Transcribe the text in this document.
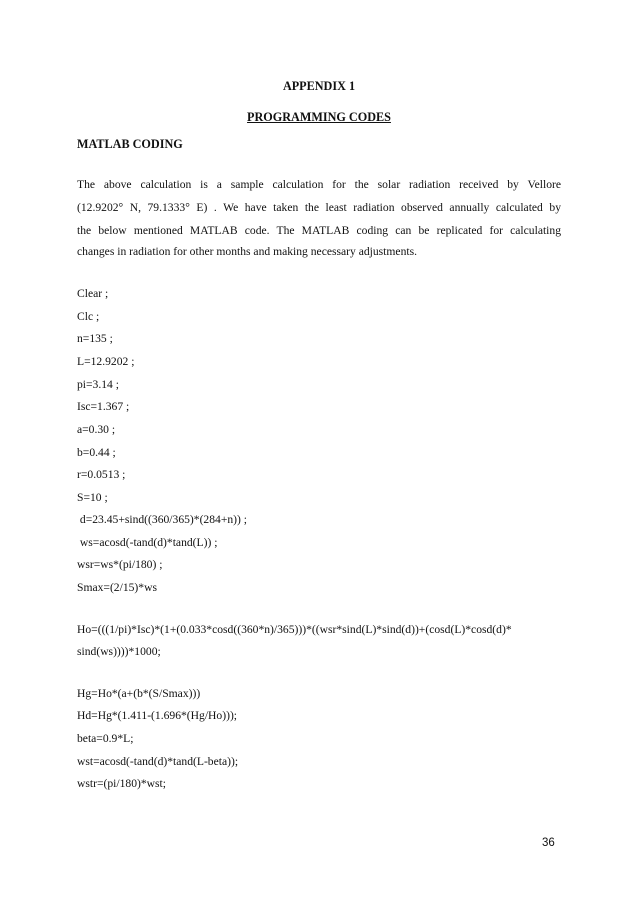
APPENDIX 1
PROGRAMMING CODES
MATLAB CODING
The above calculation is a sample calculation for the solar radiation received by Vellore
(12.9202° N, 79.1333° E) . We have taken the least radiation observed annually calculated by
the below mentioned MATLAB code. The MATLAB coding can be replicated for calculating
changes in radiation for other months and making necessary adjustments.
Clear ;
Clc ;
n=135 ;
L=12.9202 ;
pi=3.14 ;
Isc=1.367 ;
a=0.30 ;
b=0.44 ;
r=0.0513 ;
S=10 ;
d=23.45+sind((360/365)*(284+n)) ;
ws=acosd(-tand(d)*tand(L)) ;
wsr=ws*(pi/180) ;
Smax=(2/15)*ws
Ho=(((1/pi)*Isc)*(1+(0.033*cosd((360*n)/365)))*((wsr*sind(L)*sind(d))+(cosd(L)*cosd(d)*
sind(ws))))*1000;
Hg=Ho*(a+(b*(S/Smax)))
Hd=Hg*(1.411-(1.696*(Hg/Ho)));
beta=0.9*L;
wst=acosd(-tand(d)*tand(L-beta));
wstr=(pi/180)*wst;
36
